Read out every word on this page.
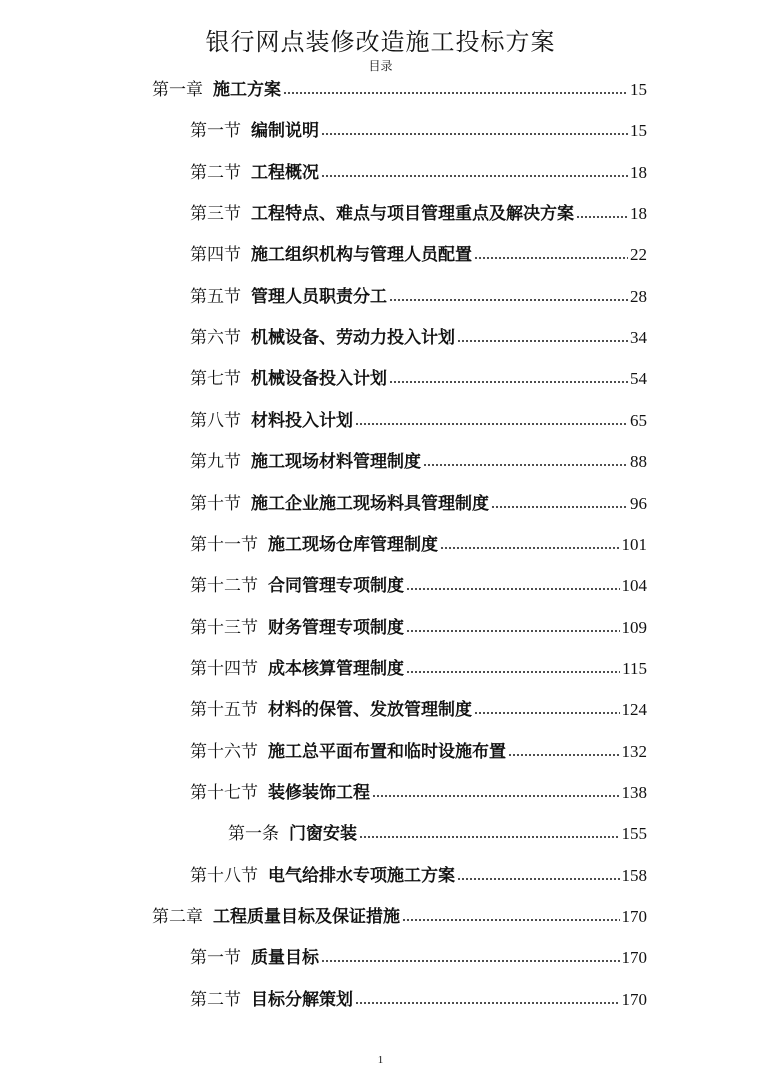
银行网点装修改造施工投标方案
目录
第一章 施工方案	15
第一节 编制说明	15
第二节 工程概况	18
第三节 工程特点、难点与项目管理重点及解决方案	18
第四节 施工组织机构与管理人员配置	22
第五节 管理人员职责分工	28
第六节 机械设备、劳动力投入计划	34
第七节 机械设备投入计划	54
第八节 材料投入计划	65
第九节 施工现场材料管理制度	88
第十节 施工企业施工现场料具管理制度	96
第十一节 施工现场仓库管理制度	101
第十二节 合同管理专项制度	104
第十三节 财务管理专项制度	109
第十四节 成本核算管理制度	115
第十五节 材料的保管、发放管理制度	124
第十六节 施工总平面布置和临时设施布置	132
第十七节 装修装饰工程	138
第一条 门窗安装	155
第十八节 电气给排水专项施工方案	158
第二章 工程质量目标及保证措施	170
第一节 质量目标	170
第二节 目标分解策划	170
1
